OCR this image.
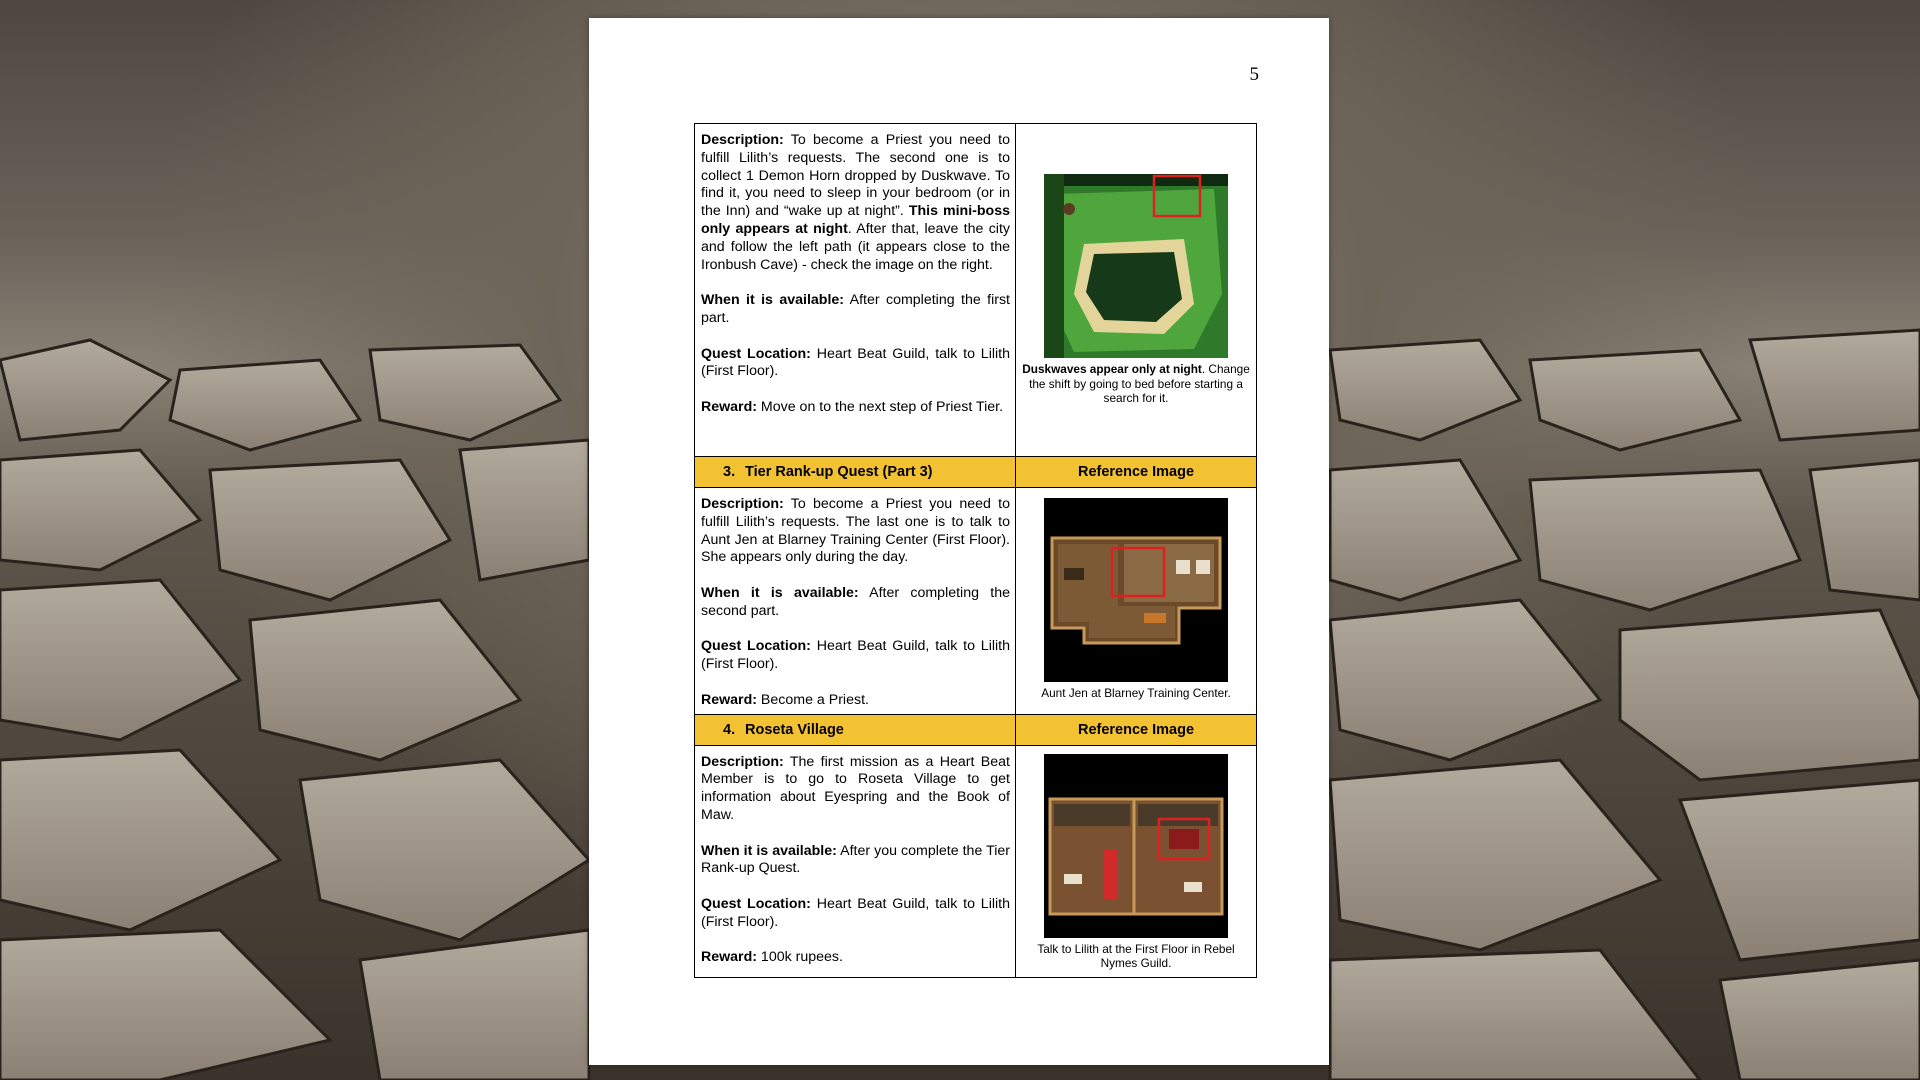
5

Description: To become a Priest you need to fulfill Lilith’s requests. The second one is to collect 1 Demon Horn dropped by Duskwave. To find it, you need to sleep in your bedroom (or in the Inn) and “wake up at night”. This mini-boss only appears at night. After that, leave the city and follow the left path (it appears close to the Ironbush Cave) - check the image on the right.

When it is available: After completing the first part.

Quest Location: Heart Beat Guild, talk to Lilith (First Floor).

Reward: Move on to the next step of Priest Tier.	Duskwaves appear only at night. Change the shift by going to bed before starting a search for it.

3. Tier Rank-up Quest (Part 3)	Reference Image

Description: To become a Priest you need to fulfill Lilith’s requests. The last one is to talk to Aunt Jen at Blarney Training Center (First Floor). She appears only during the day.

When it is available: After completing the second part.

Quest Location: Heart Beat Guild, talk to Lilith (First Floor).

Reward: Become a Priest.	Aunt Jen at Blarney Training Center.

4. Roseta Village	Reference Image

Description: The first mission as a Heart Beat Member is to go to Roseta Village to get information about Eyespring and the Book of Maw.

When it is available: After you complete the Tier Rank-up Quest.

Quest Location: Heart Beat Guild, talk to Lilith (First Floor).

Reward: 100k rupees.	Talk to Lilith at the First Floor in Rebel Nymes Guild.
